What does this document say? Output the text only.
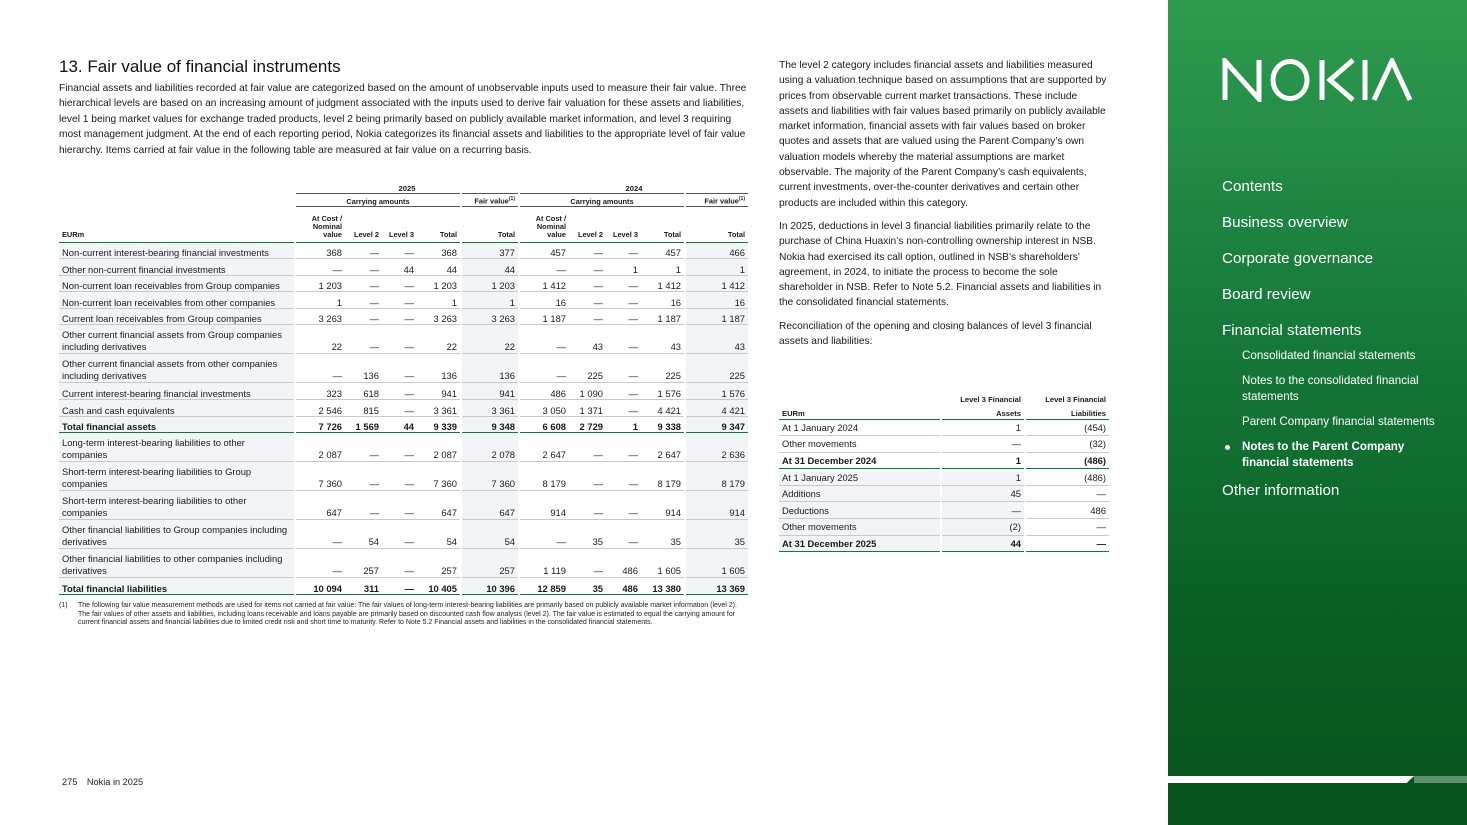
13. Fair value of financial instruments

Financial assets and liabilities recorded at fair value are categorized based on the amount of unobservable inputs used to measure their fair value. Three hierarchical levels are based on an increasing amount of judgment associated with the inputs used to derive fair valuation for these assets and liabilities, level 1 being market values for exchange traded products, level 2 being primarily based on publicly available market information, and level 3 requiring most management judgment. At the end of each reporting period, Nokia categorizes its financial assets and liabilities to the appropriate level of fair value hierarchy. Items carried at fair value in the following table are measured at fair value on a recurring basis.

	2025					2024				
	Carrying amounts				Fair value$^{(1)}$	Carrying amounts				Fair value$^{(1)}$
EURm	At Cost / Nominal value	Level 2	Level 3	Total	Total	At Cost / Nominal value	Level 2	Level 3	Total	Total
Non-current interest-bearing financial investments	368	—	—	368	377	457	—	—	457	466
Other non-current financial investments	—	—	44	44	44	—	—	1	1	1
Non-current loan receivables from Group companies	1 203	—	—	1 203	1 203	1 412	—	—	1 412	1 412
Non-current loan receivables from other companies	1	—	—	1	1	16	—	—	16	16
Current loan receivables from Group companies	3 263	—	—	3 263	3 263	1 187	—	—	1 187	1 187
Other current financial assets from Group companies including derivatives	22	—	—	22	22	—	43	—	43	43
Other current financial assets from other companies including derivatives	—	136	—	136	136	—	225	—	225	225
Current interest-bearing financial investments	323	618	—	941	941	486	1 090	—	1 576	1 576
Cash and cash equivalents	2 546	815	—	3 361	3 361	3 050	1 371	—	4 421	4 421
Total financial assets	7 726	1 569	44	9 339	9 348	6 608	2 729	1	9 338	9 347
Long-term interest-bearing liabilities to other companies	2 087	—	—	2 087	2 078	2 647	—	—	2 647	2 636
Short-term interest-bearing liabilities to Group companies	7 360	—	—	7 360	7 360	8 179	—	—	8 179	8 179
Short-term interest-bearing liabilities to other companies	647	—	—	647	647	914	—	—	914	914
Other financial liabilities to Group companies including derivatives	—	54	—	54	54	—	35	—	35	35
Other financial liabilities to other companies including derivatives	—	257	—	257	257	1 119	—	486	1 605	1 605
Total financial liabilities	10 094	311	—	10 405	10 396	12 859	35	486	13 380	13 369
(1)	The following fair value measurement methods are used for items not carried at fair value: The fair values of long-term interest-bearing liabilities are primarily based on publicly available market information (level 2). The fair values of other assets and liabilities, including loans receivable and loans payable are primarily based on discounted cash flow analysis (level 2). The fair value is estimated to equal the carrying amount for current financial assets and financial liabilities due to limited credit risk and short time to maturity. Refer to Note 5.2 Financial assets and liabilities in the consolidated financial statements.
275 Nokia in 2025

The level 2 category includes financial assets and liabilities measured using a valuation technique based on assumptions that are supported by prices from observable current market transactions. These include assets and liabilities with fair values based primarily on publicly available market information, financial assets with fair values based on broker quotes and assets that are valued using the Parent Company’s own valuation models whereby the material assumptions are market observable. The majority of the Parent Company’s cash equivalents, current investments, over-the-counter derivatives and certain other products are included within this category.

In 2025, deductions in level 3 financial liabilities primarily relate to the purchase of China Huaxin’s non-controlling ownership interest in NSB. Nokia had exercised its call option, outlined in NSB’s shareholders’ agreement, in 2024, to initiate the process to become the sole shareholder in NSB. Refer to Note 5.2. Financial assets and liabilities in the consolidated financial statements.

Reconciliation of the opening and closing balances of level 3 financial assets and liabilities:

	Level 3 Financial	Level 3 Financial
EURm	Assets	Liabilities
At 1 January 2024	1	(454)
Other movements	—	(32)
At 31 December 2024	1	(486)
At 1 January 2025	1	(486)
Additions	45	—
Deductions	—	486
Other movements	(2)	—
At 31 December 2025	44	—
Contents
Business overview
Corporate governance
Board review
Financial statements
Consolidated financial statements
Notes to the consolidated financial statements
Parent Company financial statements
Notes to the Parent Company financial statements
Other information
